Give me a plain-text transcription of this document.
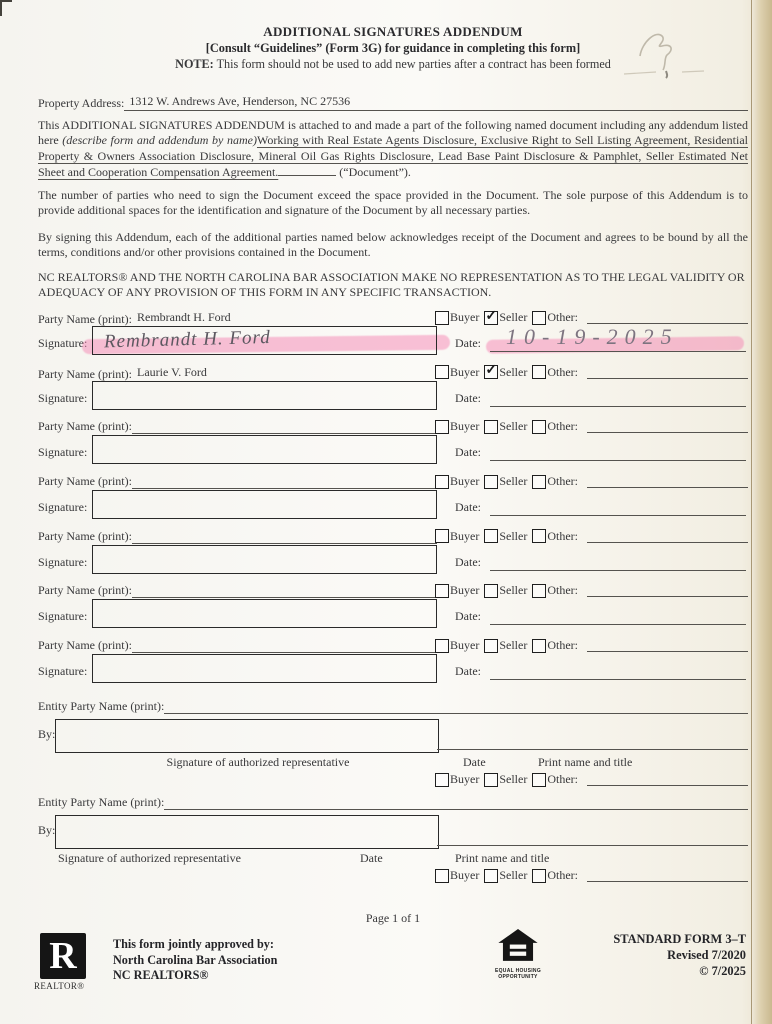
ADDITIONAL SIGNATURES ADDENDUM
[Consult “Guidelines” (Form 3G) for guidance in completing this form]
NOTE: This form should not be used to add new parties after a contract has been formed
Property Address: 1312 W. Andrews Ave, Henderson, NC 27536
This ADDITIONAL SIGNATURES ADDENDUM is attached to and made a part of the following named document including any addendum listed here (describe form and addendum by name)Working with Real Estate Agents Disclosure, Exclusive Right to Sell Listing Agreement, Residential Property & Owners Association Disclosure, Mineral Oil Gas Rights Disclosure, Lead Base Paint Disclosure & Pamphlet, Seller Estimated Net Sheet and Cooperation Compensation Agreement.	(“Document”).
The number of parties who need to sign the Document exceed the space provided in the Document. The sole purpose of this Addendum is to provide additional spaces for the identification and signature of the Document by all necessary parties.
By signing this Addendum, each of the additional parties named below acknowledges receipt of the Document and agrees to be bound by all the terms, conditions and/or other provisions contained in the Document.
NC REALTORS® AND THE NORTH CAROLINA BAR ASSOCIATION MAKE NO REPRESENTATION AS TO THE LEGAL VALIDITY OR ADEQUACY OF ANY PROVISION OF THIS FORM IN ANY SPECIFIC TRANSACTION.
Party Name (print): Rembrandt H. Ford	Buyer ✓ Seller Other:
Signature: Rembrandt H. Ford	Date: 10-19-2025
Party Name (print): Laurie V. Ford	Buyer ✓ Seller Other:
Signature:	Date:
Party Name (print):	Buyer Seller Other:
Signature:	Date:
Party Name (print):	Buyer Seller Other:
Signature:	Date:
Party Name (print):	Buyer Seller Other:
Signature:	Date:
Party Name (print):	Buyer Seller Other:
Signature:	Date:
Party Name (print):	Buyer Seller Other:
Signature:	Date:
Entity Party Name (print):
By:
Signature of authorized representative	Date	Print name and title
Buyer Seller Other:
Entity Party Name (print):
By:
Signature of authorized representative	Date	Print name and title
Buyer Seller Other:
Page 1 of 1
R
REALTOR®
This form jointly approved by:
North Carolina Bar Association
NC REALTORS®	EQUAL HOUSING
OPPORTUNITY
STANDARD FORM 3–T
Revised 7/2020
© 7/2025
